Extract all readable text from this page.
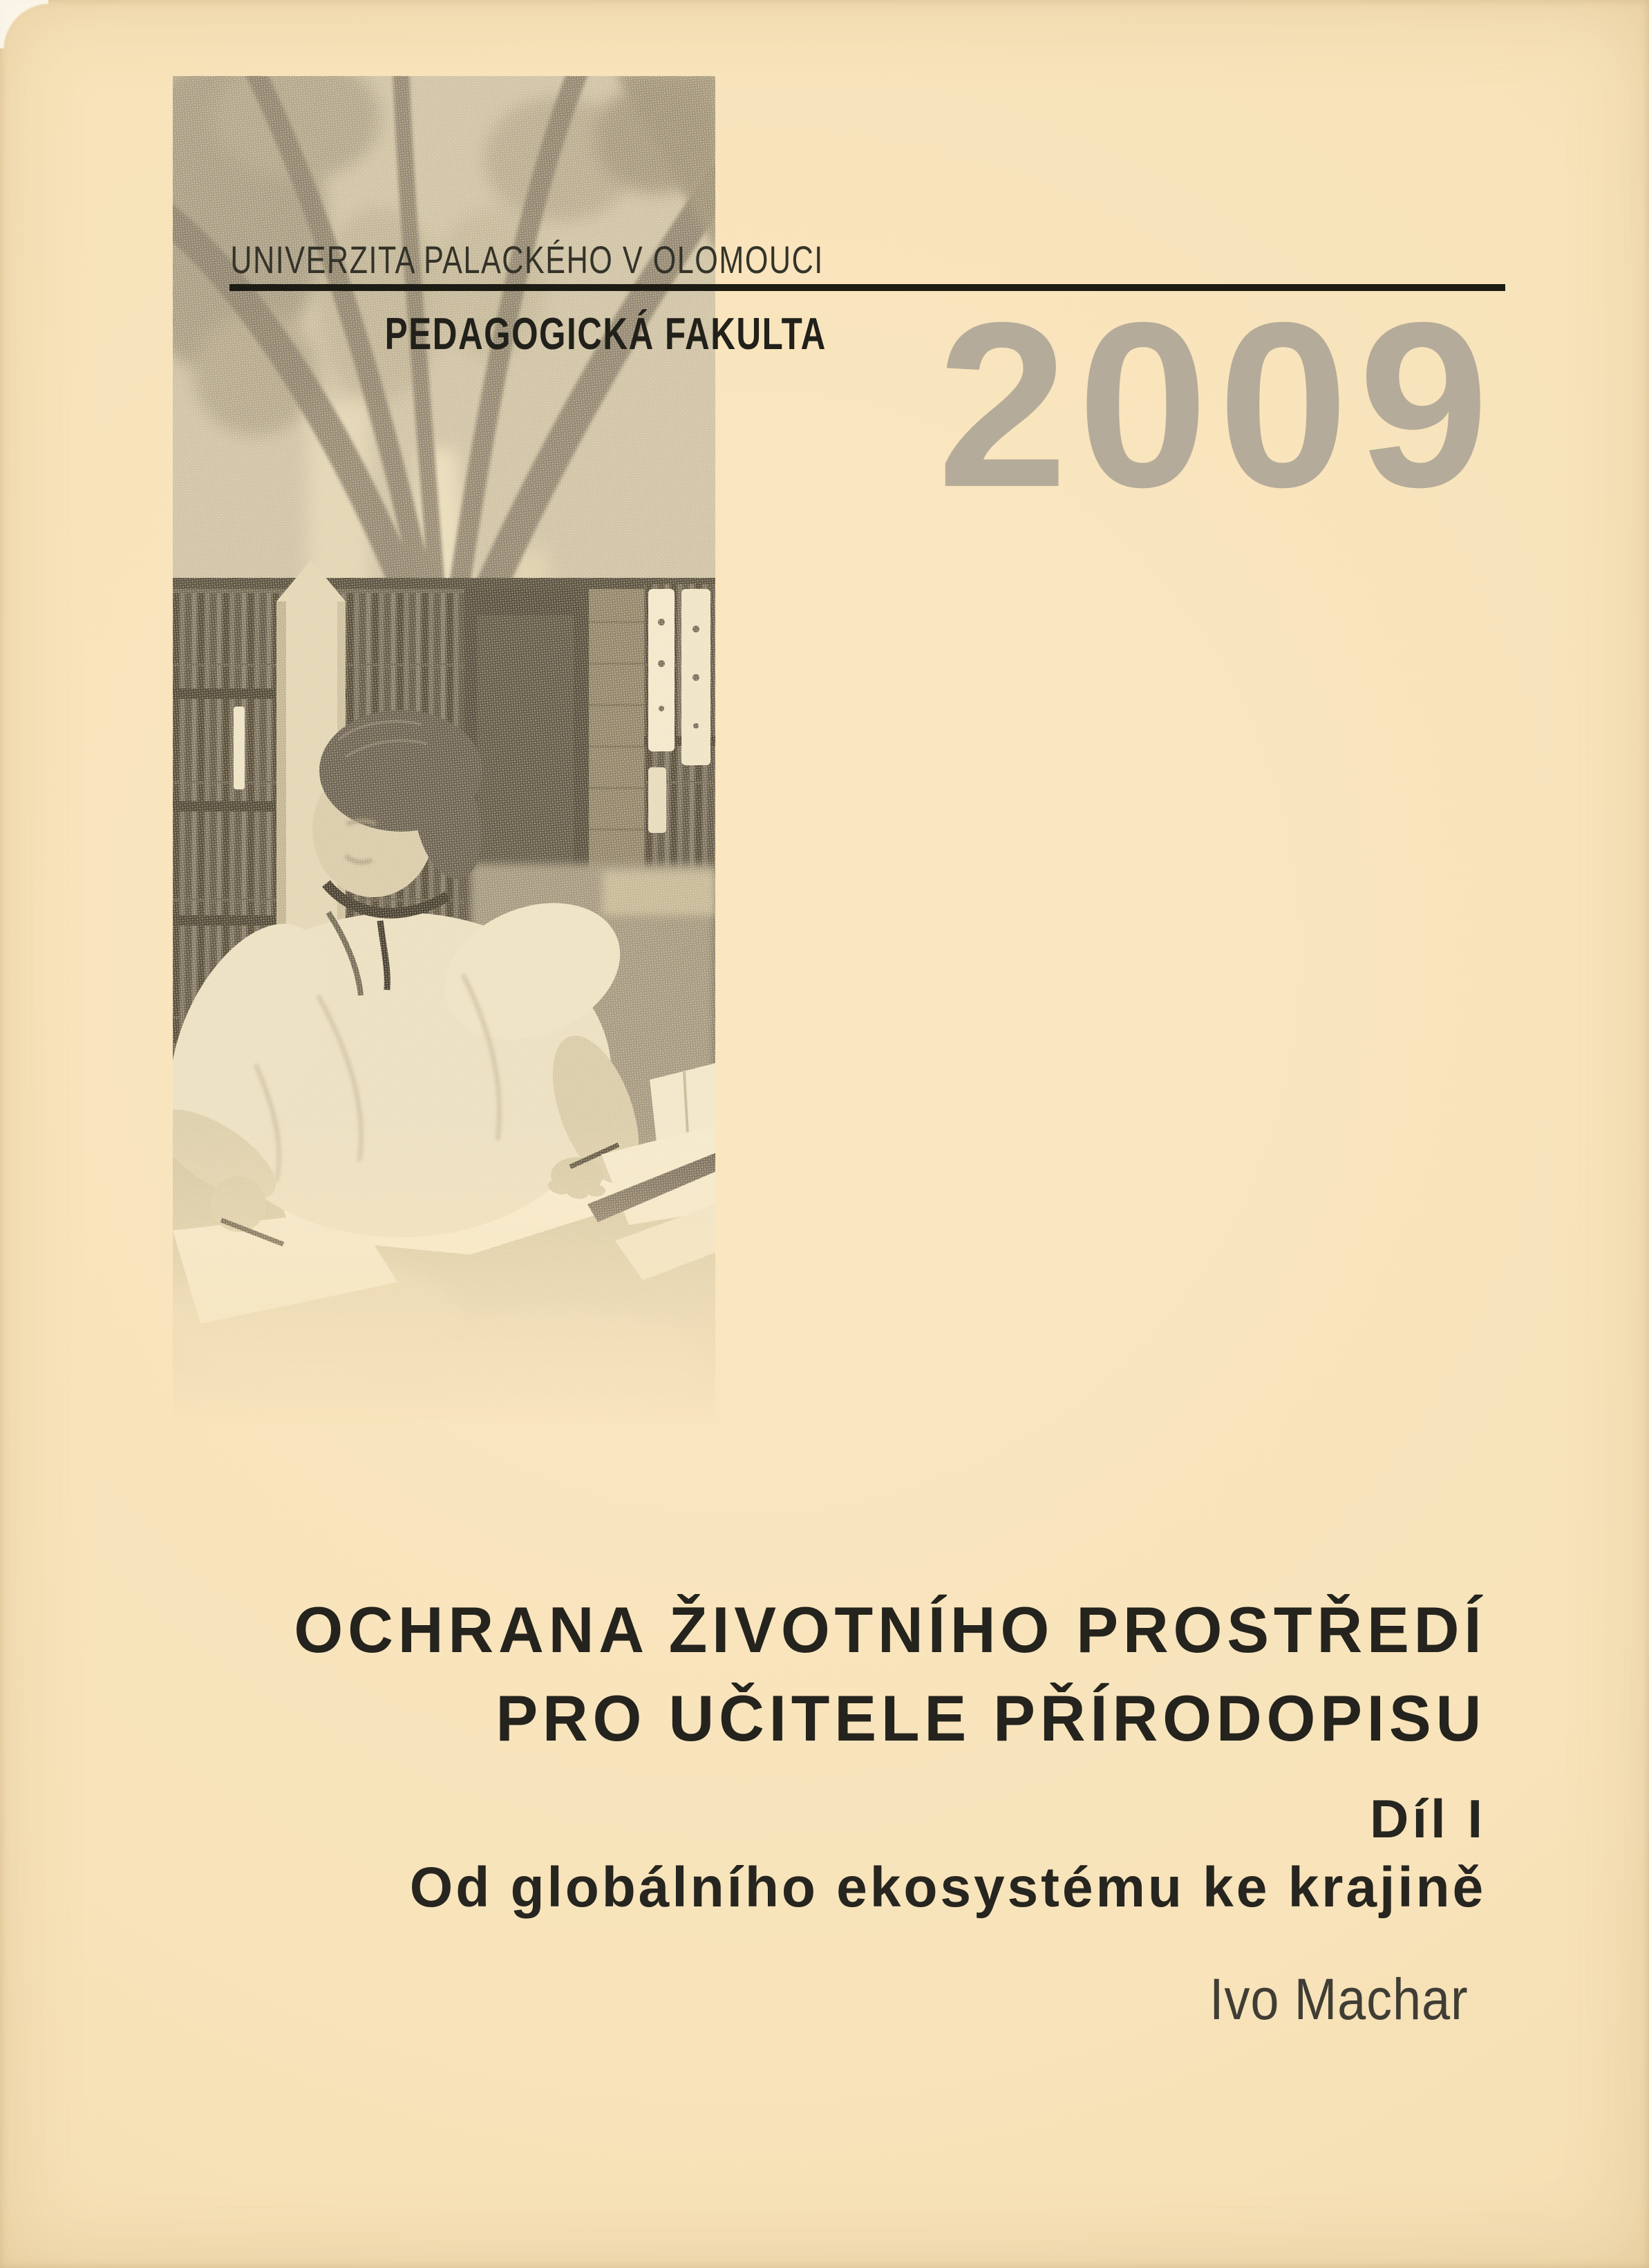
UNIVERZITA PALACKÉHO V OLOMOUCI
PEDAGOGICKÁ FAKULTA 2009
OCHRANA ŽIVOTNÍHO PROSTŘEDÍ
PRO UČITELE PŘÍRODOPISU
Díl I
Od globálního ekosystému ke krajině
Ivo Machar
